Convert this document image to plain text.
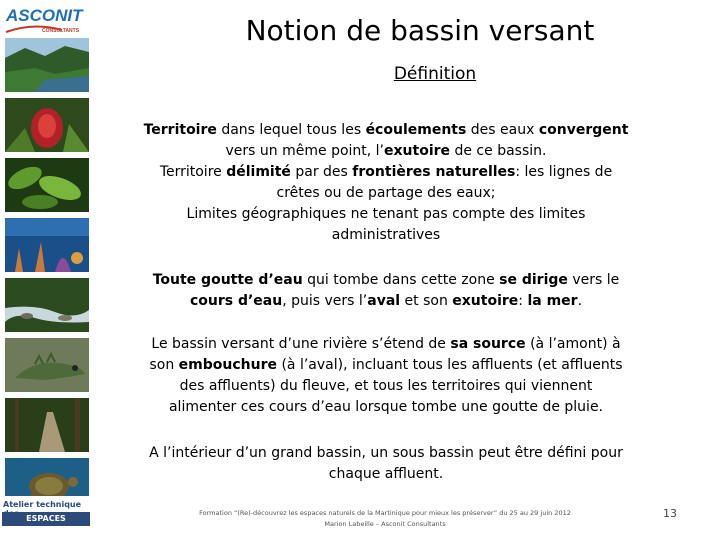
ASCONIT
CONSULTANTS
Atelier technique
ESPACES NATURELS
Notion de bassin versant
Définition
Territoire dans lequel tous les écoulements des eaux convergent
vers un même point, l’exutoire de ce bassin.
Territoire délimité par des frontières naturelles: les lignes de
crêtes ou de partage des eaux;
Limites géographiques ne tenant pas compte des limites
administratives
Toute goutte d’eau qui tombe dans cette zone se dirige vers le
cours d’eau, puis vers l’aval et son exutoire: la mer.
Le bassin versant d’une rivière s’étend de sa source (à l’amont) à
son embouchure (à l’aval), incluant tous les affluents (et affluents
des affluents) du fleuve, et tous les territoires qui viennent
alimenter ces cours d’eau lorsque tombe une goutte de pluie.
A l’intérieur d’un grand bassin, un sous bassin peut être défini pour
chaque affluent.
Formation “(Re)-découvrez les espaces naturels de la Martinique pour mieux les préserver” du 25 au 29 juin 2012
Marion Labeille – Asconit Consultants
13
